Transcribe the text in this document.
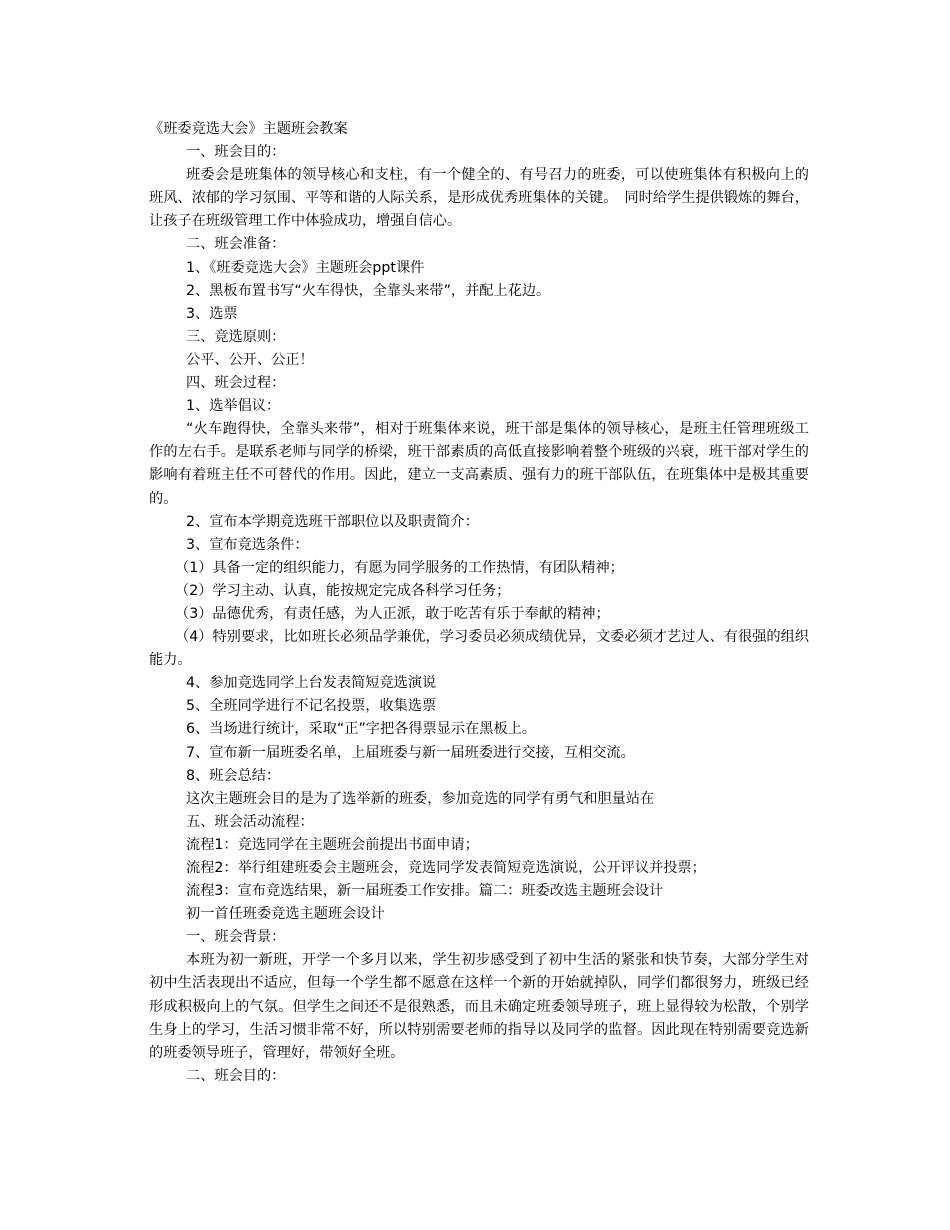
《班委竞选大会》主题班会教案

一、班会目的：

班委会是班集体的领导核心和支柱，有一个健全的、有号召力的班委，可以使班集体有积极向上的班风、浓郁的学习氛围、平等和谐的人际关系，是形成优秀班集体的关键。　同时给学生提供锻炼的舞台，让孩子在班级管理工作中体验成功，增强自信心。

二、班会准备：

1、《班委竞选大会》主题班会ppt课件

2、黑板布置书写“火车得快，全靠头来带”，并配上花边。

3、选票

三、竞选原则：

公平、公开、公正！

四、班会过程：

1、选举倡议：

“火车跑得快，全靠头来带”，相对于班集体来说，班干部是集体的领导核心，是班主任管理班级工作的左右手。是联系老师与同学的桥梁，班干部素质的高低直接影响着整个班级的兴衰，班干部对学生的影响有着班主任不可替代的作用。因此，建立一支高素质、强有力的班干部队伍，在班集体中是极其重要的。

2、宣布本学期竞选班干部职位以及职责简介：

3、宣布竞选条件：

（1）具备一定的组织能力，有愿为同学服务的工作热情，有团队精神；

（2）学习主动、认真，能按规定完成各科学习任务；

（3）品德优秀，有责任感，为人正派，敢于吃苦有乐于奉献的精神；

（4）特别要求，比如班长必须品学兼优，学习委员必须成绩优异，文委必须才艺过人、有很强的组织能力。

4、参加竞选同学上台发表简短竞选演说

5、全班同学进行不记名投票，收集选票

6、当场进行统计，采取“正”字把各得票显示在黑板上。

7、宣布新一届班委名单，上届班委与新一届班委进行交接，互相交流。

8、班会总结：

这次主题班会目的是为了选举新的班委，参加竞选的同学有勇气和胆量站在

五、班会活动流程：

流程1：竞选同学在主题班会前提出书面申请；

流程2：举行组建班委会主题班会，竞选同学发表简短竞选演说，公开评议并投票；

流程3：宣布竞选结果，新一届班委工作安排。篇二：班委改选主题班会设计

初一首任班委竞选主题班会设计

一、班会背景：

本班为初一新班，开学一个多月以来，学生初步感受到了初中生活的紧张和快节奏，大部分学生对初中生活表现出不适应，但每一个学生都不愿意在这样一个新的开始就掉队，同学们都很努力，班级已经形成积极向上的气氛。但学生之间还不是很熟悉，而且未确定班委领导班子，班上显得较为松散，个别学生身上的学习，生活习惯非常不好，所以特别需要老师的指导以及同学的监督。因此现在特别需要竞选新的班委领导班子，管理好，带领好全班。

二、班会目的：
